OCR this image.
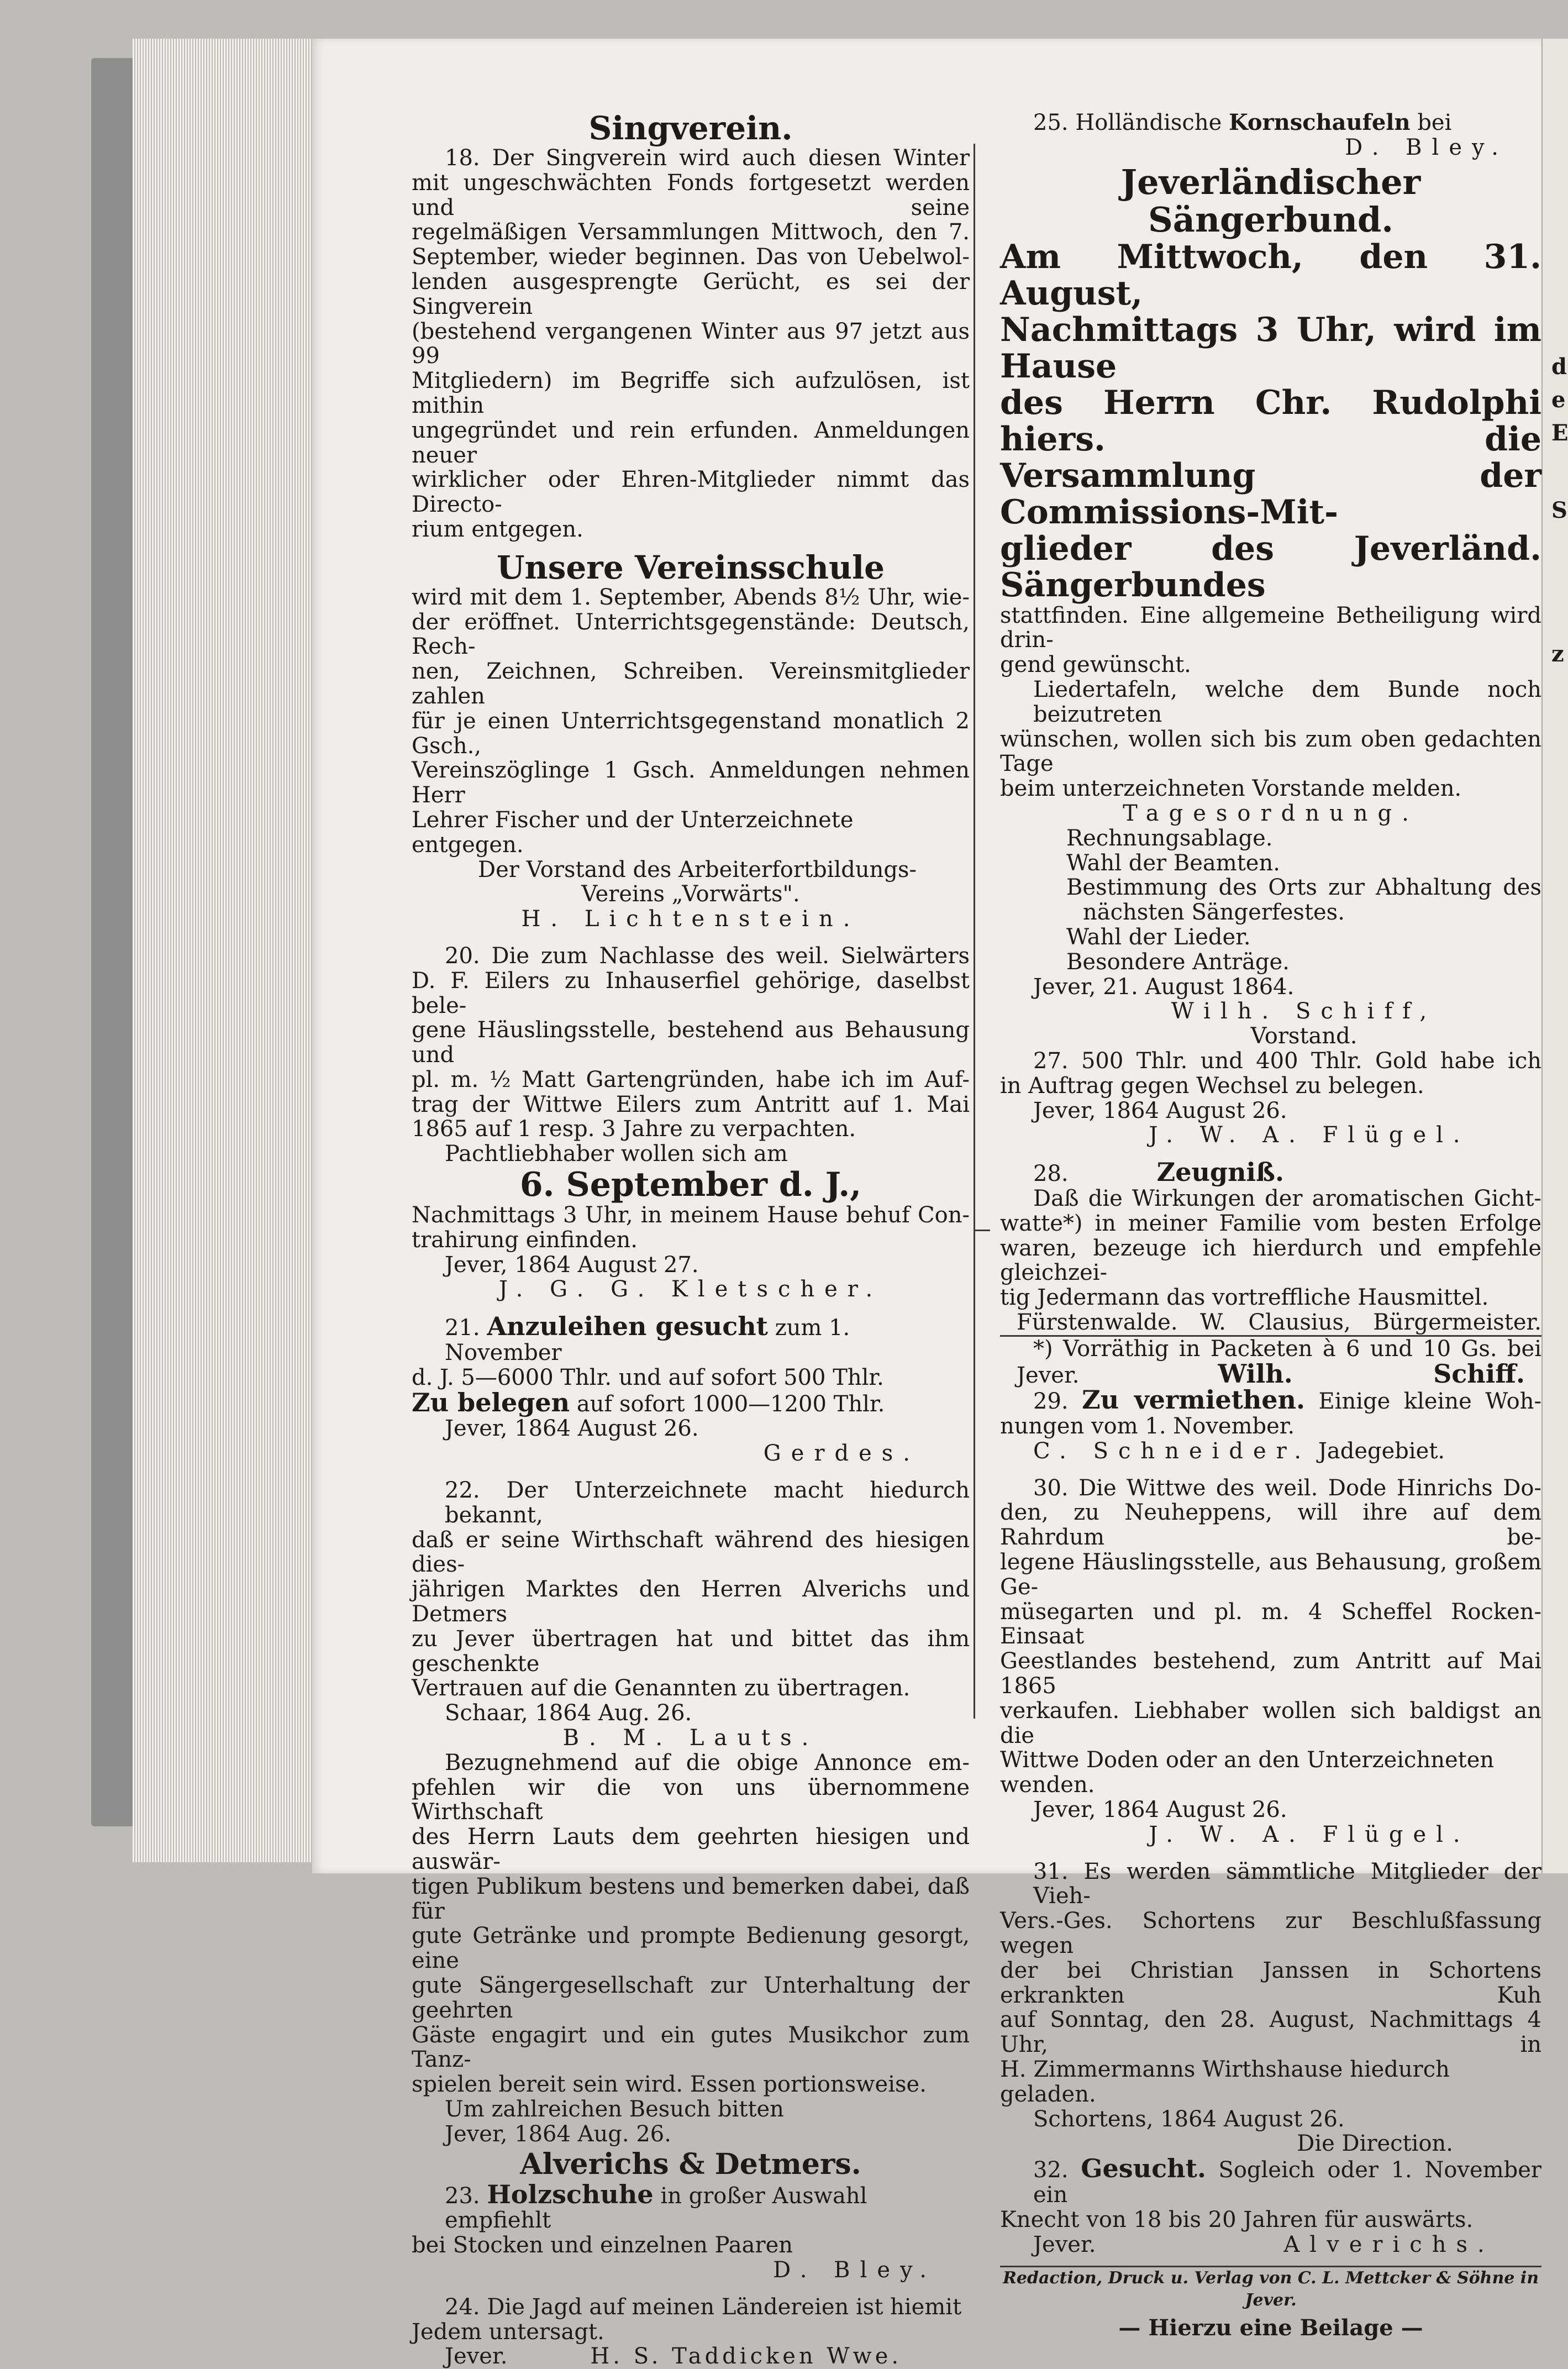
d
e
E
S
z
Singverein.
18. Der Singverein wird auch diesen Winter
mit ungeschwächten Fonds fortgesetzt werden und seine
regelmäßigen Versammlungen Mittwoch, den 7.
September, wieder beginnen. Das von Uebelwol-
lenden ausgesprengte Gerücht, es sei der Singverein
(bestehend vergangenen Winter aus 97 jetzt aus 99
Mitgliedern) im Begriffe sich aufzulösen, ist mithin
ungegründet und rein erfunden. Anmeldungen neuer
wirklicher oder Ehren-Mitglieder nimmt das Directo-
rium entgegen.
Unsere Vereinsschule
wird mit dem 1. September, Abends 8½ Uhr, wie-
der eröffnet. Unterrichtsgegenstände: Deutsch, Rech-
nen, Zeichnen, Schreiben. Vereinsmitglieder zahlen
für je einen Unterrichtsgegenstand monatlich 2 Gsch.,
Vereinszöglinge 1 Gsch. Anmeldungen nehmen Herr
Lehrer Fischer und der Unterzeichnete entgegen.
Der Vorstand des Arbeiterfortbildungs-
Vereins „Vorwärts".
H. Lichtenstein.
20. Die zum Nachlasse des weil. Sielwärters
D. F. Eilers zu Inhauserfiel gehörige, daselbst bele-
gene Häuslingsstelle, bestehend aus Behausung und
pl. m. ½ Matt Gartengründen, habe ich im Auf-
trag der Wittwe Eilers zum Antritt auf 1. Mai
1865 auf 1 resp. 3 Jahre zu verpachten.
Pachtliebhaber wollen sich am
6. September d. J.,
Nachmittags 3 Uhr, in meinem Hause behuf Con-
trahirung einfinden.
Jever, 1864 August 27.
J. G. G. Kletscher.
21. Anzuleihen gesucht zum 1. November
d. J. 5—6000 Thlr. und auf sofort 500 Thlr.
Zu belegen auf sofort 1000—1200 Thlr.
Jever, 1864 August 26.
Gerdes.
22. Der Unterzeichnete macht hiedurch bekannt,
daß er seine Wirthschaft während des hiesigen dies-
jährigen Marktes den Herren Alverichs und Detmers
zu Jever übertragen hat und bittet das ihm geschenkte
Vertrauen auf die Genannten zu übertragen.
Schaar, 1864 Aug. 26.
B. M. Lauts.
Bezugnehmend auf die obige Annonce em-
pfehlen wir die von uns übernommene Wirthschaft
des Herrn Lauts dem geehrten hiesigen und auswär-
tigen Publikum bestens und bemerken dabei, daß für
gute Getränke und prompte Bedienung gesorgt, eine
gute Sängergesellschaft zur Unterhaltung der geehrten
Gäste engagirt und ein gutes Musikchor zum Tanz-
spielen bereit sein wird. Essen portionsweise.
Um zahlreichen Besuch bitten
Jever, 1864 Aug. 26.
Alverichs & Detmers.
23. Holzschuhe in großer Auswahl empfiehlt
bei Stocken und einzelnen Paaren
D. Bley.
24. Die Jagd auf meinen Ländereien ist hiemit
Jedem untersagt.
Jever.	H. S. Taddicken Wwe.
25. Holländische Kornschaufeln bei
D. Bley.
Jeverländischer Sängerbund.
Am Mittwoch, den 31. August,
Nachmittags 3 Uhr, wird im Hause
des Herrn Chr. Rudolphi hiers. die
Versammlung der Commissions-Mit-
glieder des Jeverländ. Sängerbundes
stattfinden. Eine allgemeine Betheiligung wird drin-
gend gewünscht.
Liedertafeln, welche dem Bunde noch beizutreten
wünschen, wollen sich bis zum oben gedachten Tage
beim unterzeichneten Vorstande melden.
Tagesordnung.
Rechnungsablage.
Wahl der Beamten.
Bestimmung des Orts zur Abhaltung des
nächsten Sängerfestes.
Wahl der Lieder.
Besondere Anträge.
Jever, 21. August 1864.
Wilh. Schiff,
Vorstand.
27. 500 Thlr. und 400 Thlr. Gold habe ich
in Auftrag gegen Wechsel zu belegen.
Jever, 1864 August 26.
J. W. A. Flügel.
28.	Zeugniß.
Daß die Wirkungen der aromatischen Gicht-
watte*) in meiner Familie vom besten Erfolge
waren, bezeuge ich hierdurch und empfehle gleichzei-
tig Jedermann das vortreffliche Hausmittel.
Fürstenwalde. W. Clausius, Bürgermeister.
*) Vorräthig in Packeten à 6 und 10 Gs. bei
Jever.	Wilh. Schiff.
29. Zu vermiethen. Einige kleine Woh-
nungen vom 1. November.
C. Schneider. Jadegebiet.
30. Die Wittwe des weil. Dode Hinrichs Do-
den, zu Neuheppens, will ihre auf dem Rahrdum be-
legene Häuslingsstelle, aus Behausung, großem Ge-
müsegarten und pl. m. 4 Scheffel Rocken-Einsaat
Geestlandes bestehend, zum Antritt auf Mai 1865
verkaufen. Liebhaber wollen sich baldigst an die
Wittwe Doden oder an den Unterzeichneten wenden.
Jever, 1864 August 26.
J. W. A. Flügel.
31. Es werden sämmtliche Mitglieder der Vieh-
Vers.-Ges. Schortens zur Beschlußfassung wegen
der bei Christian Janssen in Schortens erkrankten Kuh
auf Sonntag, den 28. August, Nachmittags 4 Uhr, in
H. Zimmermanns Wirthshause hiedurch geladen.
Schortens, 1864 August 26.
Die Direction.
32. Gesucht. Sogleich oder 1. November ein
Knecht von 18 bis 20 Jahren für auswärts.
Jever.	Alverichs.
Redaction, Druck u. Verlag von C. L. Mettcker & Söhne in Jever.
— Hierzu eine Beilage —
